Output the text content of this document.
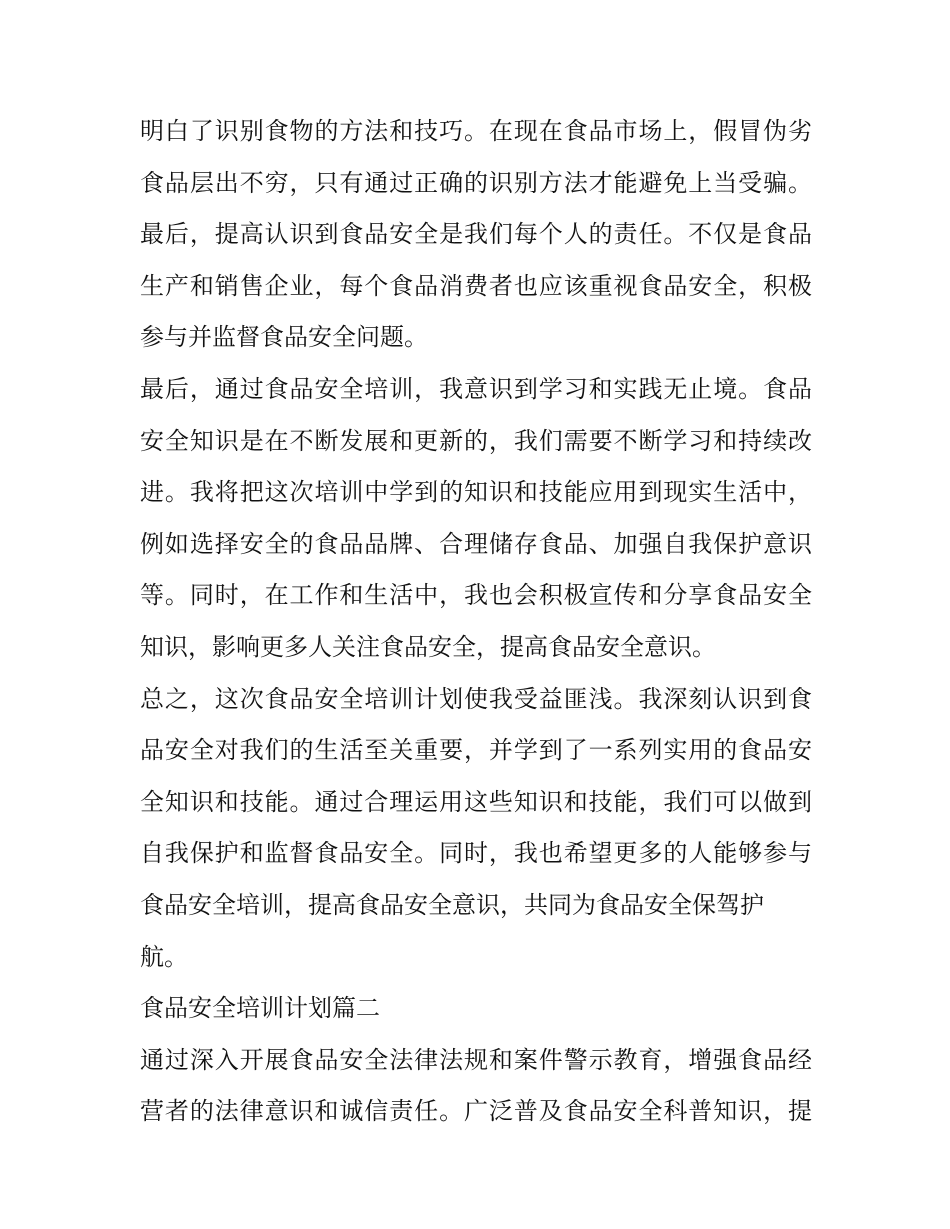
明白了识别食物的方法和技巧。在现在食品市场上，假冒伪劣
食品层出不穷，只有通过正确的识别方法才能避免上当受骗。
最后，提高认识到食品安全是我们每个人的责任。不仅是食品
生产和销售企业，每个食品消费者也应该重视食品安全，积极
参与并监督食品安全问题。
最后，通过食品安全培训，我意识到学习和实践无止境。食品
安全知识是在不断发展和更新的，我们需要不断学习和持续改
进。我将把这次培训中学到的知识和技能应用到现实生活中，
例如选择安全的食品品牌、合理储存食品、加强自我保护意识
等。同时，在工作和生活中，我也会积极宣传和分享食品安全
知识，影响更多人关注食品安全，提高食品安全意识。
总之，这次食品安全培训计划使我受益匪浅。我深刻认识到食
品安全对我们的生活至关重要，并学到了一系列实用的食品安
全知识和技能。通过合理运用这些知识和技能，我们可以做到
自我保护和监督食品安全。同时，我也希望更多的人能够参与
食品安全培训，提高食品安全意识，共同为食品安全保驾护
航。
食品安全培训计划篇二
通过深入开展食品安全法律法规和案件警示教育，增强食品经
营者的法律意识和诚信责任。广泛普及食品安全科普知识，提
